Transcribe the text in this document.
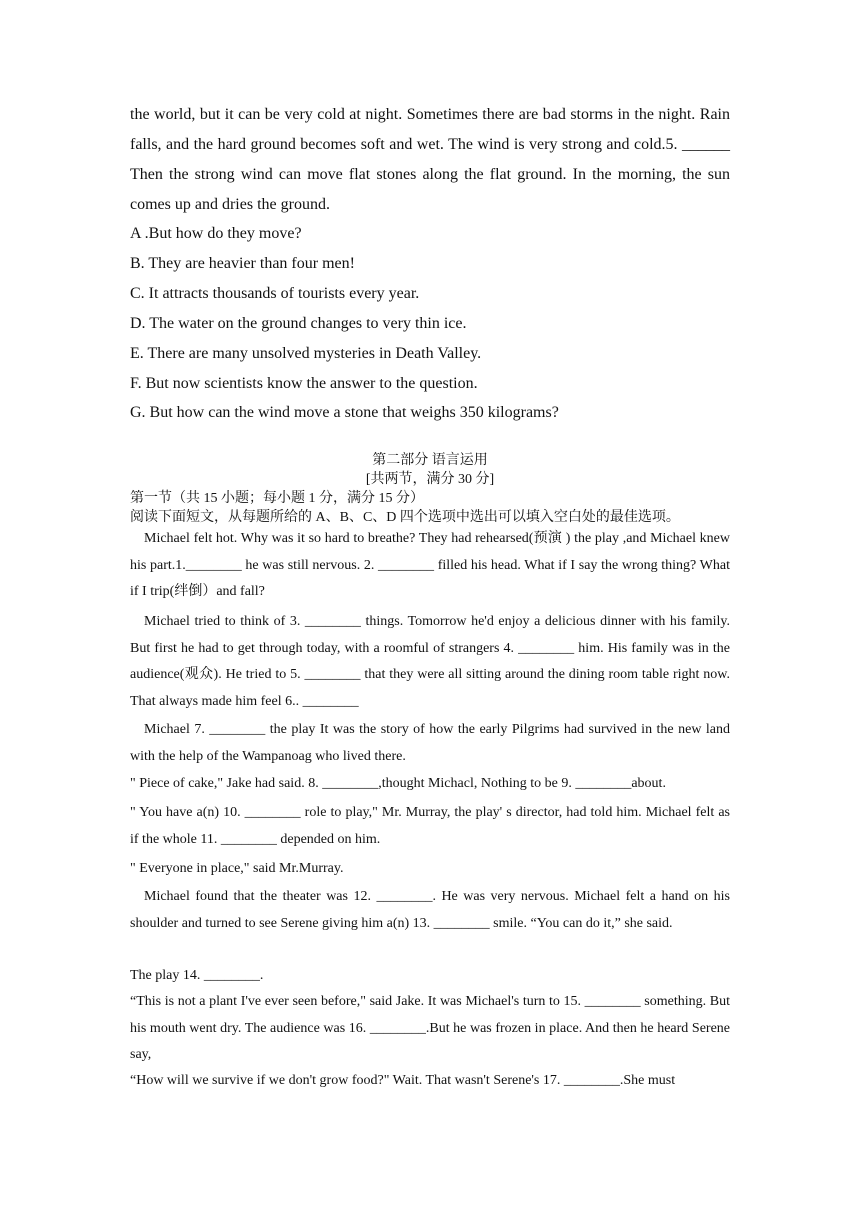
the world, but it can be very cold at night. Sometimes there are bad storms in the night. Rain falls, and the hard ground becomes soft and wet. The wind is very strong and cold.5. ______ Then the strong wind can move flat stones along the flat ground. In the morning, the sun comes up and dries the ground.
A .But how do they move?
B. They are heavier than four men!
C. It attracts thousands of tourists every year.
D. The water on the ground changes to very thin ice.
E. There are many unsolved mysteries in Death Valley.
F. But now scientists know the answer to the question.
G. But how can the wind move a stone that weighs 350 kilograms?
第二部分 语言运用
[共两节，满分 30 分]
第一节（共 15 小题；每小题 1 分，满分 15 分）
阅读下面短文，从每题所给的 A、B、C、D 四个选项中选出可以填入空白处的最佳选项。
Michael felt hot. Why was it so hard to breathe? They had rehearsed(预演 ) the play ,and Michael knew his part.1.________ he was still nervous. 2. ________ filled his head. What if I say the wrong thing? What if I trip(绊倒）and fall?
Michael tried to think of 3. ________ things. Tomorrow he'd enjoy a delicious dinner with his family. But first he had to get through today, with a roomful of strangers 4. ________ him. His family was in the audience(观众). He tried to 5. ________ that they were all sitting around the dining room table right now. That always made him feel 6.. ________
Michael 7. ________ the play It was the story of how the early Pilgrims had survived in the new land with the help of the Wampanoag who lived there.
" Piece of cake," Jake had said. 8. ________,thought Michacl, Nothing to be 9. ________about.
" You have a(n) 10. ________ role to play," Mr. Murray, the play' s director, had told him. Michael felt as if the whole 11. ________ depended on him.
" Everyone in place," said Mr.Murray.
Michael found that the theater was 12. ________. He was very nervous. Michael felt a hand on his shoulder and turned to see Serene giving him a(n) 13. ________ smile. “You can do it,” she said.
The play 14. ________.
“This is not a plant I've ever seen before," said Jake. It was Michael's turn to 15. ________ something. But his mouth went dry. The audience was 16. ________.But he was frozen in place. And then he heard Serene say,
“How will we survive if we don't grow food?" Wait. That wasn't Serene's 17. ________.She must
